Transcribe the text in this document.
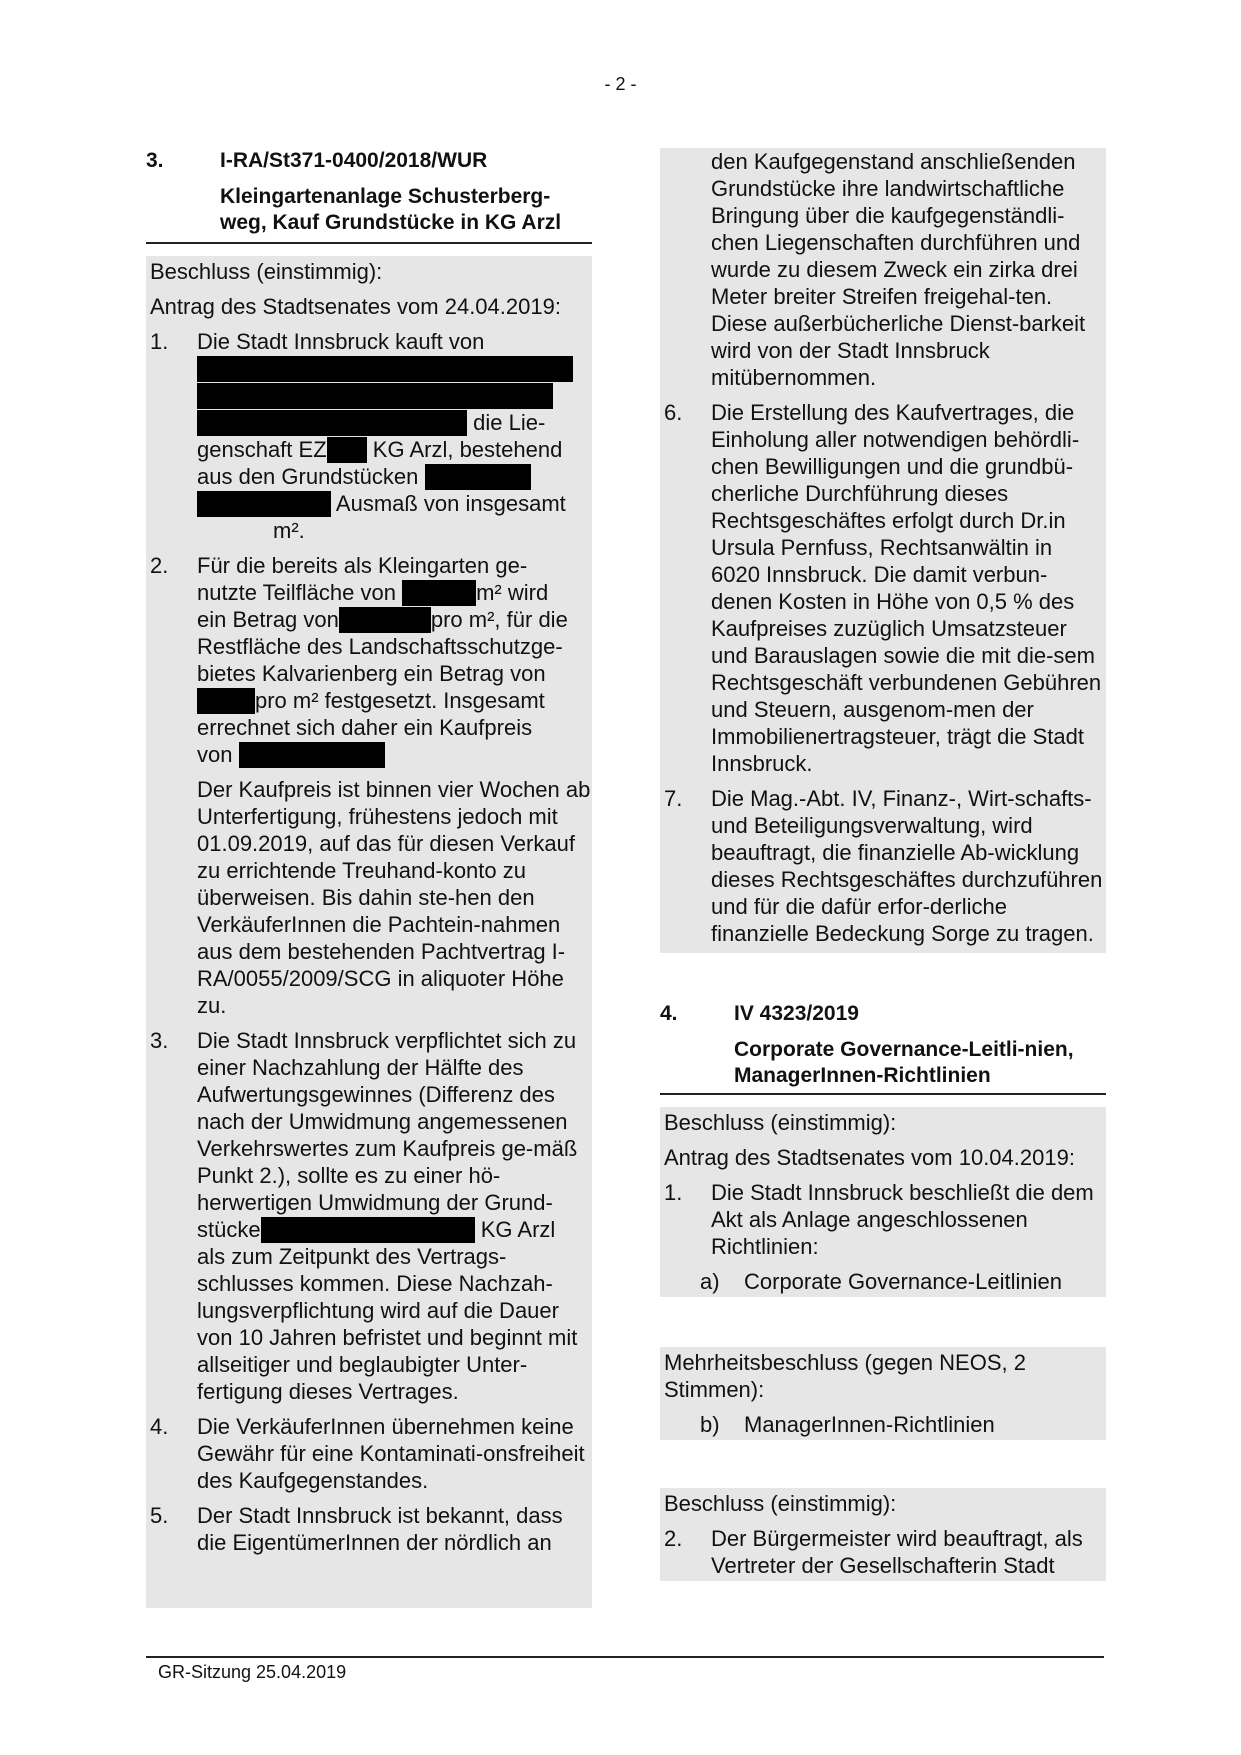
- 2 -
3.	I-RA/St371-0400/2018/WUR
Kleingartenanlage Schusterberg-weg, Kauf Grundstücke in KG Arzl
Beschluss (einstimmig):
Antrag des Stadtsenates vom 24.04.2019:
1.	Die Stadt Innsbruck kauft von
die Lie-
genschaft EZ KG Arzl, bestehend
aus den Grundstücken
Ausmaß von insgesamt
m².
2.	Für die bereits als Kleingarten ge-
nutzte Teilfläche von	m² wird
ein Betrag von	pro m², für die
Restfläche des Landschaftsschutzge-
bietes Kalvarienberg ein Betrag von
pro m² festgesetzt. Insgesamt
errechnet sich daher ein Kaufpreis
von
Der Kaufpreis ist binnen vier Wochen ab Unterfertigung, frühestens jedoch mit 01.09.2019, auf das für diesen Verkauf zu errichtende Treuhand-konto zu überweisen. Bis dahin ste-hen den VerkäuferInnen die Pachtein-nahmen aus dem bestehenden Pachtvertrag I-RA/0055/2009/SCG in aliquoter Höhe zu.
3.	Die Stadt Innsbruck verpflichtet sich zu einer Nachzahlung der Hälfte des Aufwertungsgewinnes (Differenz des nach der Umwidmung angemessenen Verkehrswertes zum Kaufpreis ge-mäß Punkt 2.), sollte es zu einer hö-herwertigen Umwidmung der Grund-
stücke	KG Arzl
als zum Zeitpunkt des Vertrags-schlusses kommen. Diese Nachzah-lungsverpflichtung wird auf die Dauer von 10 Jahren befristet und beginnt mit allseitiger und beglaubigter Unter-fertigung dieses Vertrages.
4.	Die VerkäuferInnen übernehmen keine Gewähr für eine Kontaminati-onsfreiheit des Kaufgegenstandes.
5.	Der Stadt Innsbruck ist bekannt, dass die EigentümerInnen der nördlich an
den Kaufgegenstand anschließenden Grundstücke ihre landwirtschaftliche Bringung über die kaufgegenständli-chen Liegenschaften durchführen und wurde zu diesem Zweck ein zirka drei Meter breiter Streifen freigehal-ten. Diese außerbücherliche Dienst-barkeit wird von der Stadt Innsbruck mitübernommen.
6.	Die Erstellung des Kaufvertrages, die Einholung aller notwendigen behördli-chen Bewilligungen und die grundbü-cherliche Durchführung dieses Rechtsgeschäftes erfolgt durch Dr.in Ursula Pernfuss, Rechtsanwältin in 6020 Innsbruck. Die damit verbun-denen Kosten in Höhe von 0,5 % des Kaufpreises zuzüglich Umsatzsteuer und Barauslagen sowie die mit die-sem Rechtsgeschäft verbundenen Gebühren und Steuern, ausgenom-men der Immobilienertragsteuer, trägt die Stadt Innsbruck.
7.	Die Mag.-Abt. IV, Finanz-, Wirt-schafts- und Beteiligungsverwaltung, wird beauftragt, die finanzielle Ab-wicklung dieses Rechtsgeschäftes durchzuführen und für die dafür erfor-derliche finanzielle Bedeckung Sorge zu tragen.
4.	IV 4323/2019
Corporate Governance-Leitli-nien, ManagerInnen-Richtlinien
Beschluss (einstimmig):
Antrag des Stadtsenates vom 10.04.2019:
1.	Die Stadt Innsbruck beschließt die dem Akt als Anlage angeschlossenen Richtlinien:
a)	Corporate Governance-Leitlinien
Mehrheitsbeschluss (gegen NEOS, 2 Stimmen):
b)	ManagerInnen-Richtlinien
Beschluss (einstimmig):
2.	Der Bürgermeister wird beauftragt, als Vertreter der Gesellschafterin Stadt
GR-Sitzung 25.04.2019
